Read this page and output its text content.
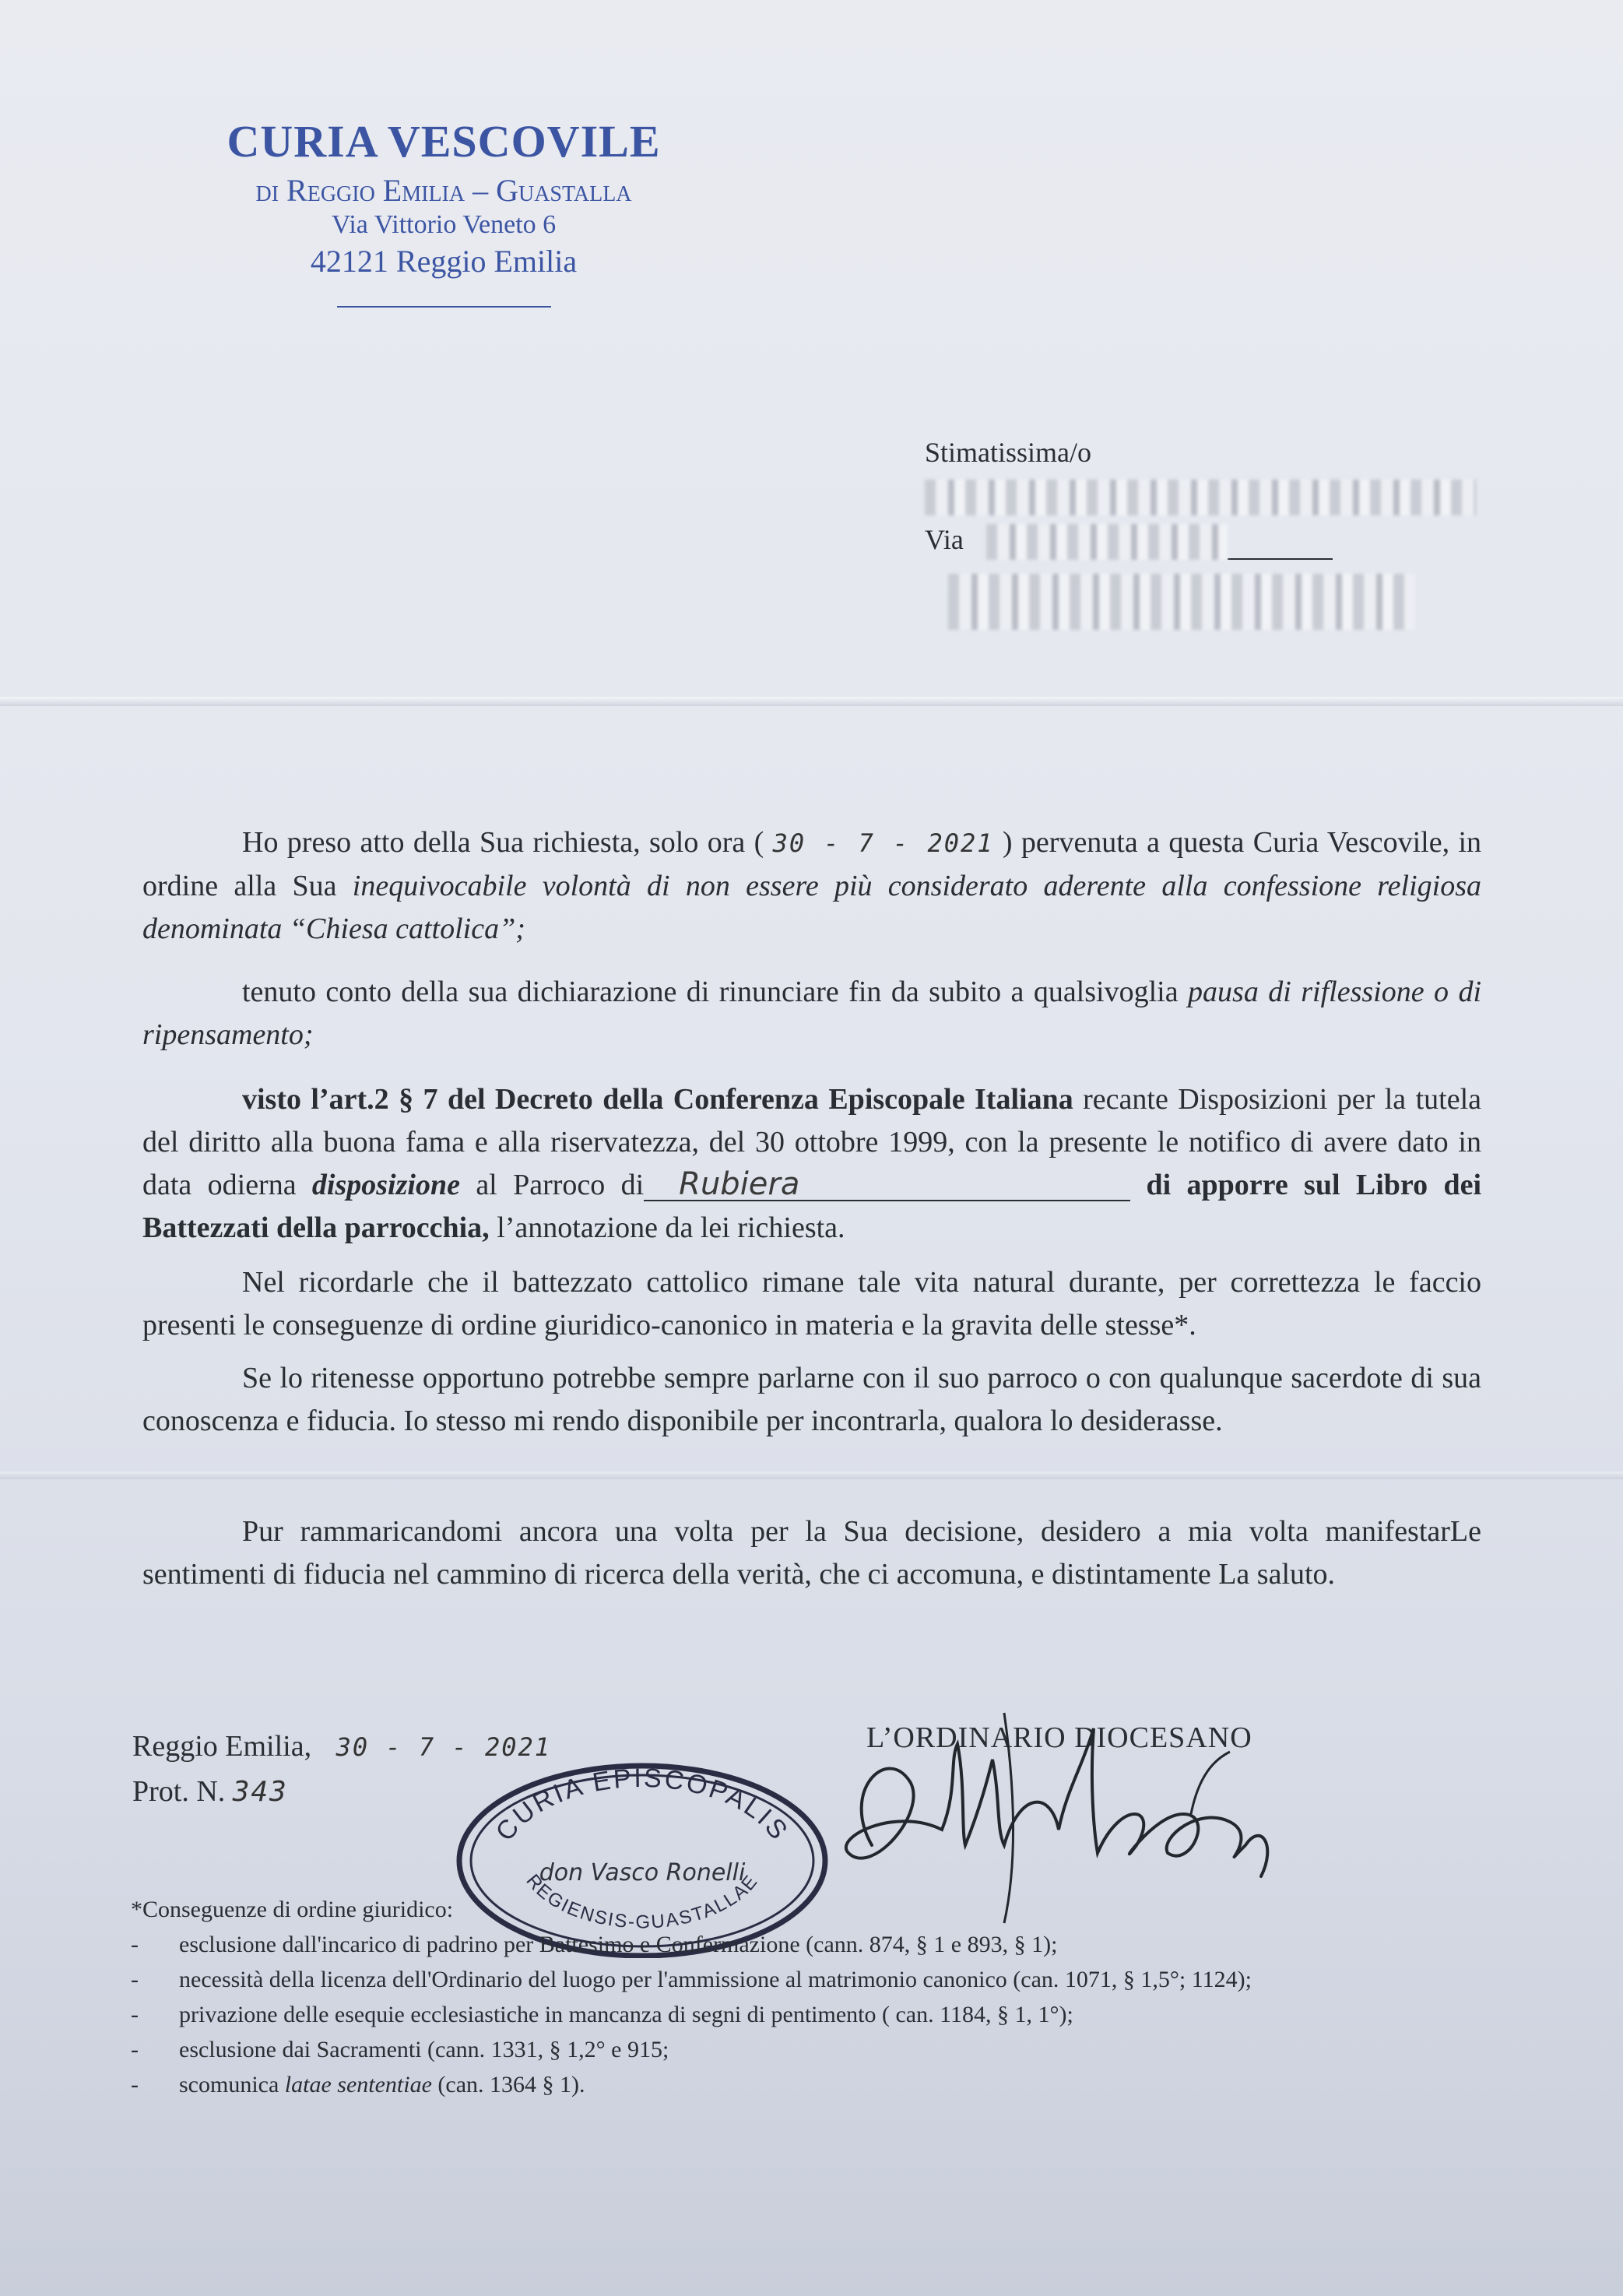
CURIA VESCOVILE
di Reggio Emilia – Guastalla
Via Vittorio Veneto 6
42121 Reggio Emilia
Stimatissima/o
Via
Ho preso atto della Sua richiesta, solo ora ( 30 - 7 - 2021 ) pervenuta a questa Curia Vescovile, in ordine alla Sua inequivocabile volontà di non essere più considerato aderente alla confessione religiosa denominata “Chiesa cattolica”;
tenuto conto della sua dichiarazione di rinunciare fin da subito a qualsivoglia pausa di riflessione o di ripensamento;
visto l’art.2 § 7 del Decreto della Conferenza Episcopale Italiana recante Disposizioni per la tutela del diritto alla buona fama e alla riservatezza, del 30 ottobre 1999, con la presente le notifico di avere dato in data odierna disposizione al Parroco di Rubiera	di apporre sul Libro dei Battezzati della parrocchia, l’annotazione da lei richiesta.
Nel ricordarle che il battezzato cattolico rimane tale vita natural durante, per correttezza le faccio presenti le conseguenze di ordine giuridico-canonico in materia e la gravita delle stesse*.
Se lo ritenesse opportuno potrebbe sempre parlarne con il suo parroco o con qualunque sacerdote di sua conoscenza e fiducia. Io stesso mi rendo disponibile per incontrarla, qualora lo desiderasse.
Pur rammaricandomi ancora una volta per la Sua decisione, desidero a mia volta manifestarLe sentimenti di fiducia nel cammino di ricerca della verità, che ci accomuna, e distintamente La saluto.
Reggio Emilia, 30 - 7 - 2021
Prot. N. 343
L’ORDINARIO DIOCESANO
CURIA EPISCOPALIS
REGIENSIS-GUASTALLAE
don Vasco Ronelli
*Conseguenze di ordine giuridico:
-	esclusione dall'incarico di padrino per Battesimo e Confermazione (cann. 874, § 1 e 893, § 1);
-	necessità della licenza dell'Ordinario del luogo per l'ammissione al matrimonio canonico (can. 1071, § 1,5°; 1124);
-	privazione delle esequie ecclesiastiche in mancanza di segni di pentimento ( can. 1184, § 1, 1°);
-	esclusione dai Sacramenti (cann. 1331, § 1,2° e 915;
-	scomunica latae sententiae (can. 1364 § 1).
